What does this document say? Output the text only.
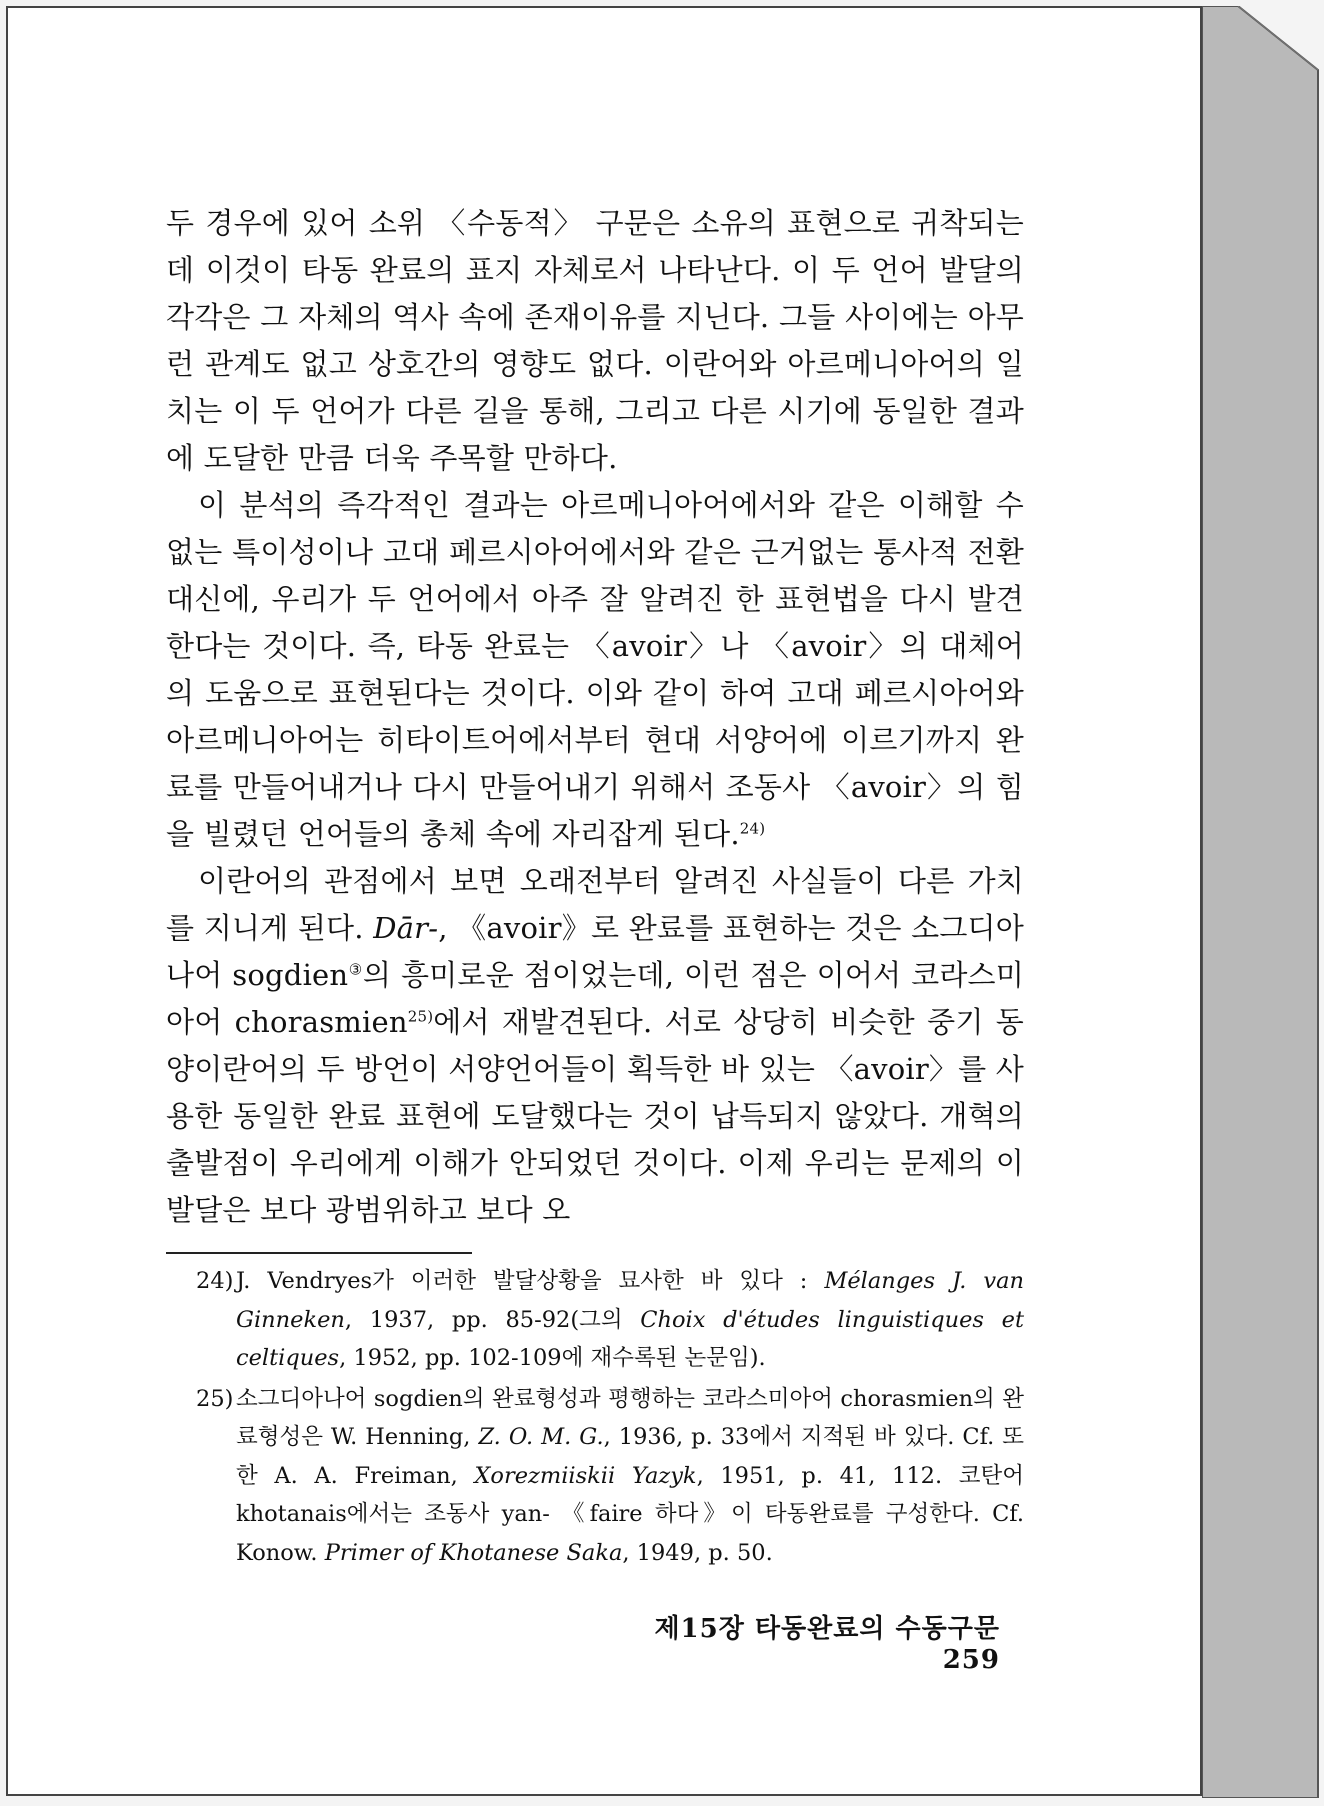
두 경우에 있어 소위 〈수동적〉 구문은 소유의 표현으로 귀착되는데 이것이 타동 완료의 표지 자체로서 나타난다. 이 두 언어 발달의 각각은 그 자체의 역사 속에 존재이유를 지닌다. 그들 사이에는 아무런 관계도 없고 상호간의 영향도 없다. 이란어와 아르메니아어의 일치는 이 두 언어가 다른 길을 통해, 그리고 다른 시기에 동일한 결과에 도달한 만큼 더욱 주목할 만하다.

이 분석의 즉각적인 결과는 아르메니아어에서와 같은 이해할 수 없는 특이성이나 고대 페르시아어에서와 같은 근거없는 통사적 전환 대신에, 우리가 두 언어에서 아주 잘 알려진 한 표현법을 다시 발견한다는 것이다. 즉, 타동 완료는 〈avoir〉나 〈avoir〉의 대체어의 도움으로 표현된다는 것이다. 이와 같이 하여 고대 페르시아어와 아르메니아어는 히타이트어에서부터 현대 서양어에 이르기까지 완료를 만들어내거나 다시 만들어내기 위해서 조동사 〈avoir〉의 힘을 빌렸던 언어들의 총체 속에 자리잡게 된다.$^{24)}$

이란어의 관점에서 보면 오래전부터 알려진 사실들이 다른 가치를 지니게 된다. Dār-, 《avoir》로 완료를 표현하는 것은 소그디아나어 sogdien③의 흥미로운 점이었는데, 이런 점은 이어서 코라스미아어 chorasmien$^{25)}$에서 재발견된다. 서로 상당히 비슷한 중기 동양이란어의 두 방언이 서양언어들이 획득한 바 있는 〈avoir〉를 사용한 동일한 완료 표현에 도달했다는 것이 납득되지 않았다. 개혁의 출발점이 우리에게 이해가 안되었던 것이다. 이제 우리는 문제의 이 발달은 보다 광범위하고 보다 오

24) J. Vendryes가 이러한 발달상황을 묘사한 바 있다 : Mélanges J. van Ginneken, 1937, pp. 85-92(그의 Choix d'études linguistiques et celtiques, 1952, pp. 102-109에 재수록된 논문임).

25) 소그디아나어 sogdien의 완료형성과 평행하는 코라스미아어 chorasmien의 완료형성은 W. Henning, Z. O. M. G., 1936, p. 33에서 지적된 바 있다. Cf. 또한 A. A. Freiman, Xorezmiiskii Yazyk, 1951, p. 41, 112. 코탄어 khotanais에서는 조동사 yan- 《faire 하다》이 타동완료를 구성한다. Cf. Konow. Primer of Khotanese Saka, 1949, p. 50.

제15장 타동완료의 수동구문259
